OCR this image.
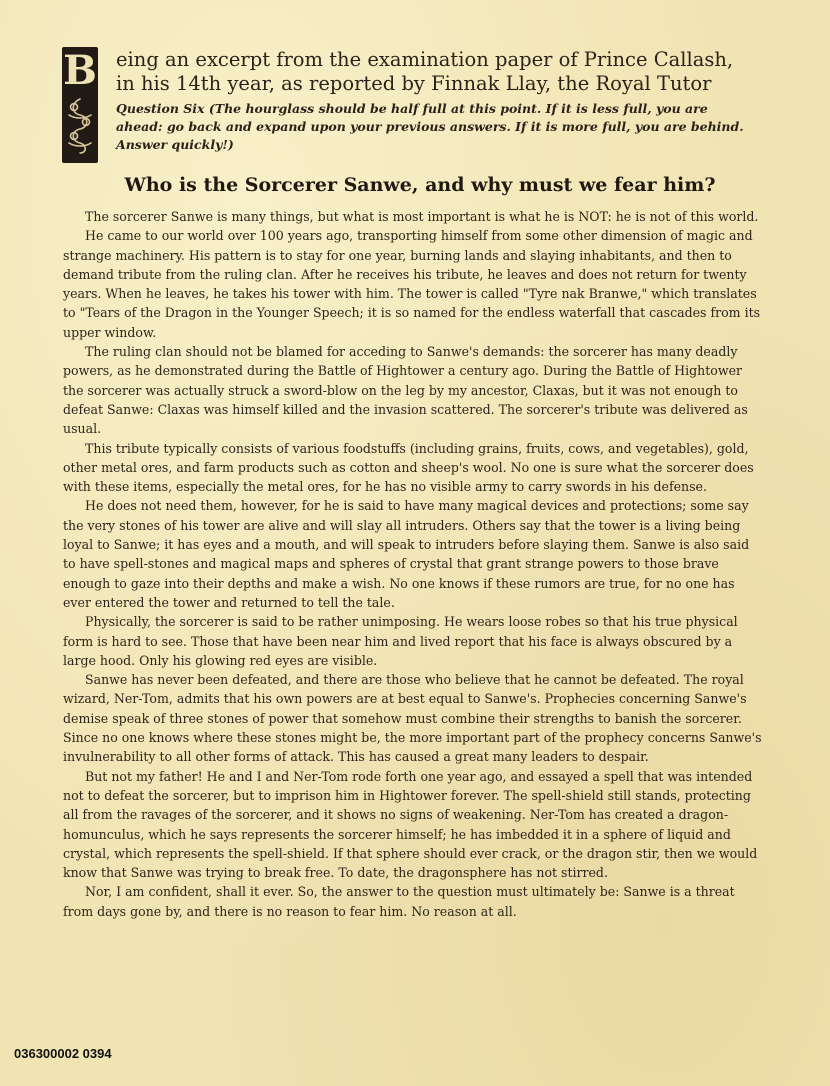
B eing an excerpt from the examination paper of Prince Callash,
in his 14th year, as reported by Finnak Llay, the Royal Tutor
Question Six (The hourglass should be half full at this point. If it is less full, you are ahead: go back and expand upon your previous answers. If it is more full, you are behind. Answer quickly!)
Who is the Sorcerer Sanwe, and why must we fear him?

The sorcerer Sanwe is many things, but what is most important is what he is NOT: he is not of this world.

He came to our world over 100 years ago, transporting himself from some other dimension of magic and strange machinery. His pattern is to stay for one year, burning lands and slaying inhabitants, and then to demand tribute from the ruling clan. After he receives his tribute, he leaves and does not return for twenty years. When he leaves, he takes his tower with him. The tower is called "Tyre nak Branwe," which translates to "Tears of the Dragon in the Younger Speech; it is so named for the endless waterfall that cascades from its upper window.

The ruling clan should not be blamed for acceding to Sanwe's demands: the sorcerer has many deadly powers, as he demonstrated during the Battle of Hightower a century ago. During the Battle of Hightower the sorcerer was actually struck a sword-blow on the leg by my ancestor, Claxas, but it was not enough to defeat Sanwe: Claxas was himself killed and the invasion scattered. The sorcerer's tribute was delivered as usual.

This tribute typically consists of various foodstuffs (including grains, fruits, cows, and vegetables), gold, other metal ores, and farm products such as cotton and sheep's wool. No one is sure what the sorcerer does with these items, especially the metal ores, for he has no visible army to carry swords in his defense.

He does not need them, however, for he is said to have many magical devices and protections; some say the very stones of his tower are alive and will slay all intruders. Others say that the tower is a living being loyal to Sanwe; it has eyes and a mouth, and will speak to intruders before slaying them. Sanwe is also said to have spell-stones and magical maps and spheres of crystal that grant strange powers to those brave enough to gaze into their depths and make a wish. No one knows if these rumors are true, for no one has ever entered the tower and returned to tell the tale.

Physically, the sorcerer is said to be rather unimposing. He wears loose robes so that his true physical form is hard to see. Those that have been near him and lived report that his face is always obscured by a large hood. Only his glowing red eyes are visible.

Sanwe has never been defeated, and there are those who believe that he cannot be defeated. The royal wizard, Ner-Tom, admits that his own powers are at best equal to Sanwe's. Prophecies concerning Sanwe's demise speak of three stones of power that somehow must combine their strengths to banish the sorcerer. Since no one knows where these stones might be, the more important part of the prophecy concerns Sanwe's invulnerability to all other forms of attack. This has caused a great many leaders to despair.

But not my father! He and I and Ner-Tom rode forth one year ago, and essayed a spell that was intended not to defeat the sorcerer, but to imprison him in Hightower forever. The spell-shield still stands, protecting all from the ravages of the sorcerer, and it shows no signs of weakening. Ner-Tom has created a dragon-homunculus, which he says represents the sorcerer himself; he has imbedded it in a sphere of liquid and crystal, which represents the spell-shield. If that sphere should ever crack, or the dragon stir, then we would know that Sanwe was trying to break free. To date, the dragonsphere has not stirred.

Nor, I am confident, shall it ever. So, the answer to the question must ultimately be: Sanwe is a threat from days gone by, and there is no reason to fear him. No reason at all.

036300002 0394
